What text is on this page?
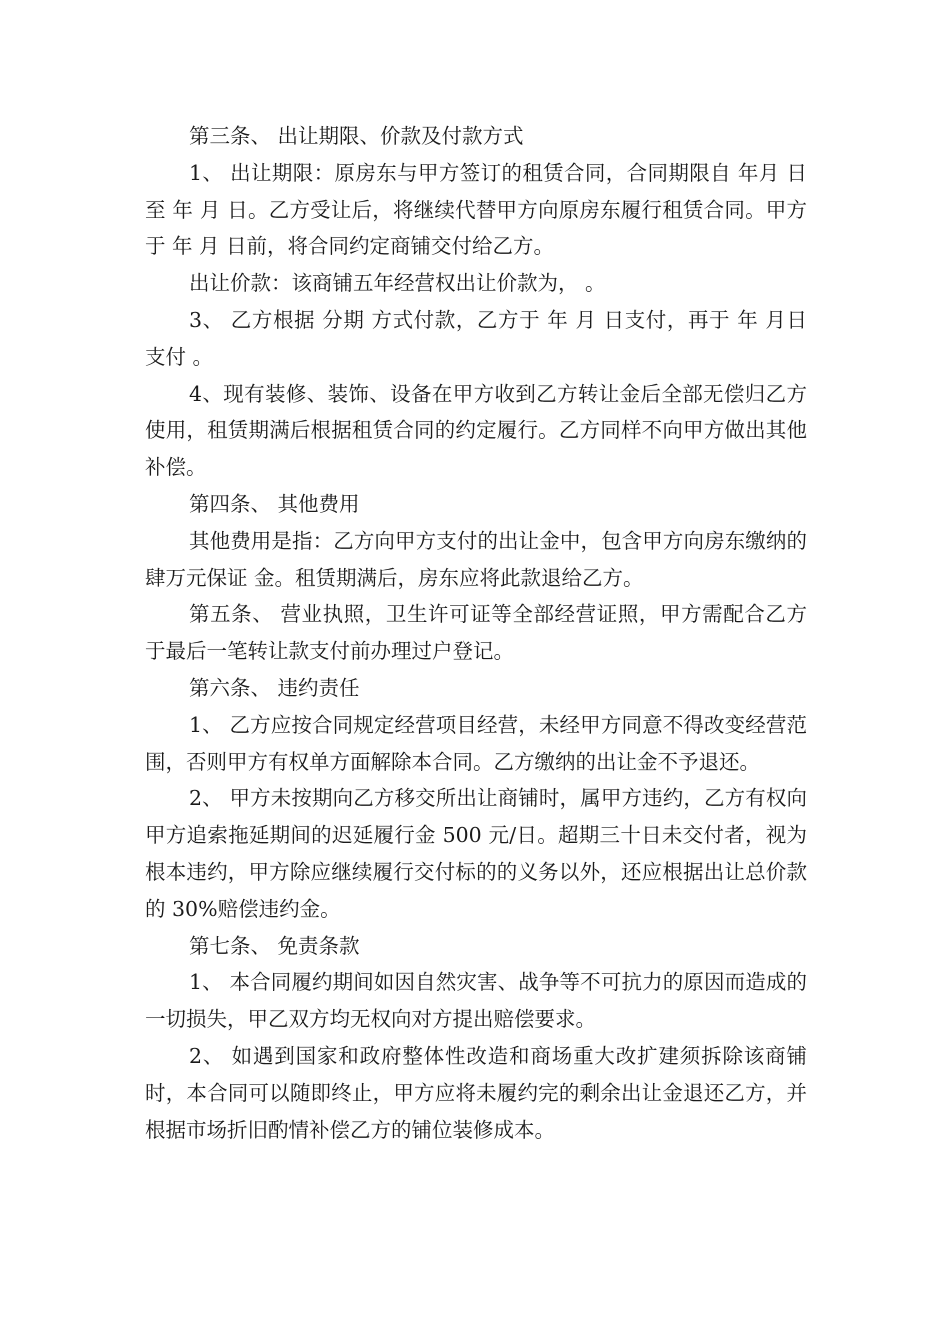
第三条、 出让期限、价款及付款方式

1、 出让期限：原房东与甲方签订的租赁合同，合同期限自 年月 日至 年 月 日。乙方受让后，将继续代替甲方向原房东履行租赁合同。甲方于 年 月 日前，将合同约定商铺交付给乙方。

出让价款：该商铺五年经营权出让价款为， 。

3、 乙方根据 分期 方式付款，乙方于 年 月 日支付，再于 年 月日支付 。

4、现有装修、装饰、设备在甲方收到乙方转让金后全部无偿归乙方使用，租赁期满后根据租赁合同的约定履行。乙方同样不向甲方做出其他补偿。

第四条、 其他费用

其他费用是指：乙方向甲方支付的出让金中，包含甲方向房东缴纳的肆万元保证 金。租赁期满后，房东应将此款退给乙方。

第五条、 营业执照，卫生许可证等全部经营证照，甲方需配合乙方于最后一笔转让款支付前办理过户登记。

第六条、 违约责任

1、 乙方应按合同规定经营项目经营，未经甲方同意不得改变经营范围，否则甲方有权单方面解除本合同。乙方缴纳的出让金不予退还。

2、 甲方未按期向乙方移交所出让商铺时，属甲方违约，乙方有权向甲方追索拖延期间的迟延履行金 500 元/日。超期三十日未交付者，视为根本违约，甲方除应继续履行交付标的的义务以外，还应根据出让总价款的 30%赔偿违约金。

第七条、 免责条款

1、 本合同履约期间如因自然灾害、战争等不可抗力的原因而造成的一切损失，甲乙双方均无权向对方提出赔偿要求。

2、 如遇到国家和政府整体性改造和商场重大改扩建须拆除该商铺时，本合同可以随即终止，甲方应将未履约完的剩余出让金退还乙方，并根据市场折旧酌情补偿乙方的铺位装修成本。
